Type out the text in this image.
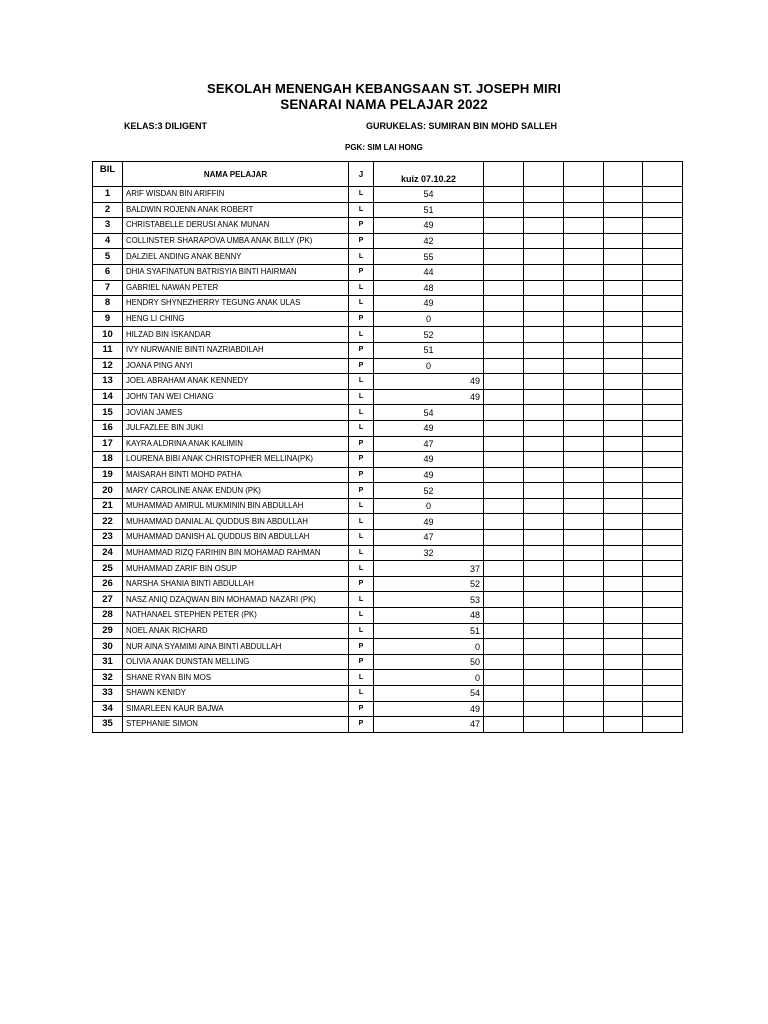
SEKOLAH MENENGAH KEBANGSAAN ST. JOSEPH MIRI
SENARAI NAMA PELAJAR 2022
KELAS:3 DILIGENT	GURUKELAS: SUMIRAN BIN MOHD SALLEH
PGK: SIM LAI HONG
BIL	NAMA PELAJAR	J	kuiz 07.10.22					
1	ARIF WISDAN BIN ARIFFIN	L	54					
2	BALDWIN ROJENN ANAK ROBERT	L	51					
3	CHRISTABELLE DERUSI ANAK MUNAN	P	49					
4	COLLINSTER SHARAPOVA UMBA ANAK BILLY (PK)	P	42					
5	DALZIEL ANDING ANAK BENNY	L	55					
6	DHIA SYAFINATUN BATRISYIA BINTI HAIRMAN	P	44					
7	GABRIEL NAWAN PETER	L	48					
8	HENDRY SHYNEZHERRY TEGUNG ANAK ULAS	L	49					
9	HENG LI CHING	P	0					
10	HILZAD BIN ISKANDAR	L	52					
11	IVY NURWANIE BINTI NAZRIABDILAH	P	51					
12	JOANA PING ANYI	P	0					
13	JOEL ABRAHAM ANAK KENNEDY	L	49					
14	JOHN TAN WEI CHIANG	L	49					
15	JOVIAN JAMES	L	54					
16	JULFAZLEE BIN JUKI	L	49					
17	KAYRA ALDRINA ANAK KALIMIN	P	47					
18	LOURENA BIBI ANAK CHRISTOPHER MELLINA(PK)	P	49					
19	MAISARAH BINTI MOHD PATHA	P	49					
20	MARY CAROLINE ANAK ENDUN (PK)	P	52					
21	MUHAMMAD AMIRUL MUKMININ BIN ABDULLAH	L	0					
22	MUHAMMAD DANIAL AL QUDDUS BIN ABDULLAH	L	49					
23	MUHAMMAD DANISH AL QUDDUS BIN ABDULLAH	L	47					
24	MUHAMMAD RIZQ FARIHIN BIN MOHAMAD RAHMAN	L	32					
25	MUHAMMAD ZARIF BIN OSUP	L	37					
26	NARSHA SHANIA BINTI ABDULLAH	P	52					
27	NASZ ANIQ DZAQWAN BIN MOHAMAD NAZARI (PK)	L	53					
28	NATHANAEL STEPHEN PETER (PK)	L	48					
29	NOEL ANAK RICHARD	L	51					
30	NUR AINA SYAMIMI AINA BINTI ABDULLAH	P	0					
31	OLIVIA ANAK DUNSTAN MELLING	P	50					
32	SHANE RYAN BIN MOS	L	0					
33	SHAWN KENIDY	L	54					
34	SIMARLEEN KAUR BAJWA	P	49					
35	STEPHANIE SIMON	P	47					
